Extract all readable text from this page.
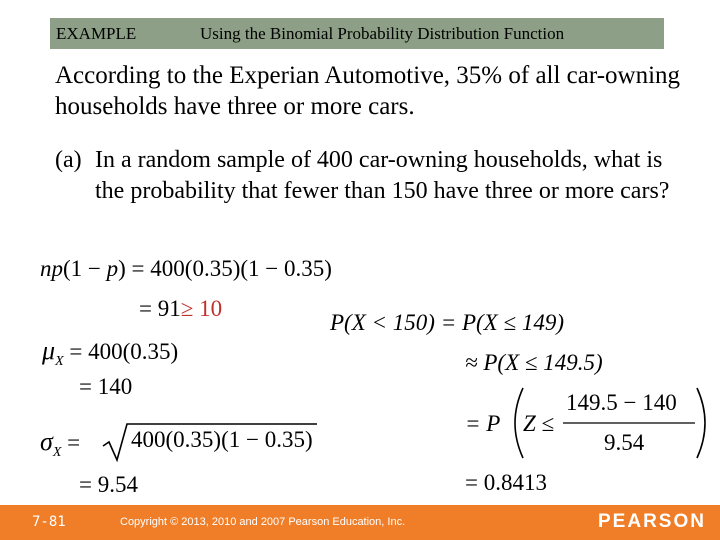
EXAMPLE	Using the Binomial Probability Distribution Function
According to the Experian Automotive, 35% of all car-owning households have three or more cars.
(a) In a random sample of 400 car-owning households, what is the probability that fewer than 150 have three or more cars?
np(1 − p) = 400(0.35)(1 − 0.35)
= 91≥ 10
$\mu_X = 400(0.35)$
= 140
$\sigma_X = 400(0.35)(1 - 0.35)$
= 9.54
P(X < 150) = P(X ≤ 149)
≈ P(X ≤ 149.5)
= P Z ≤
149.5 − 140
9.54
= 0.8413
7-81	Copyright © 2013, 2010 and 2007 Pearson Education, Inc.	PEARSON
